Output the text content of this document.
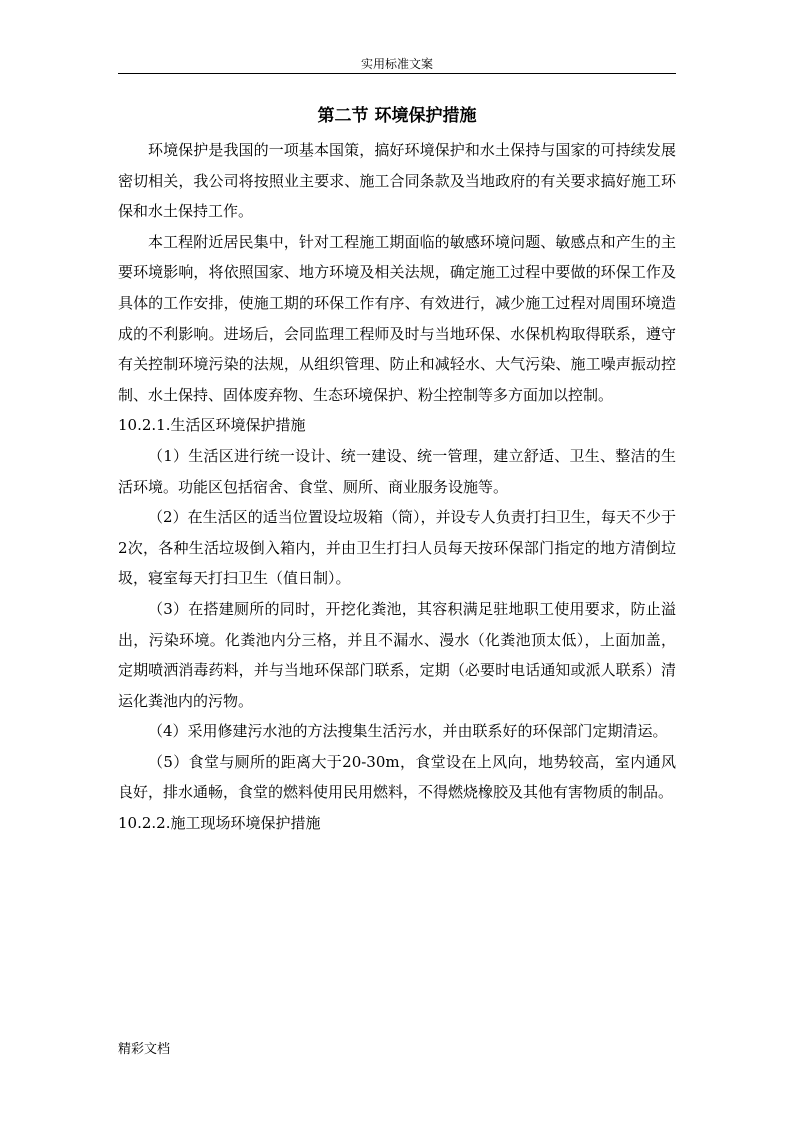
实用标准文案

第二节 环境保护措施

环境保护是我国的一项基本国策，搞好环境保护和水土保持与国家的可持续发展密切相关，我公司将按照业主要求、施工合同条款及当地政府的有关要求搞好施工环保和水土保持工作。

本工程附近居民集中，针对工程施工期面临的敏感环境问题、敏感点和产生的主要环境影响，将依照国家、地方环境及相关法规，确定施工过程中要做的环保工作及具体的工作安排，使施工期的环保工作有序、有效进行，减少施工过程对周围环境造成的不利影响。进场后，会同监理工程师及时与当地环保、水保机构取得联系，遵守有关控制环境污染的法规，从组织管理、防止和减轻水、大气污染、施工噪声振动控制、水土保持、固体废弃物、生态环境保护、粉尘控制等多方面加以控制。

10.2.1.生活区环境保护措施

（1）生活区进行统一设计、统一建设、统一管理，建立舒适、卫生、整洁的生活环境。功能区包括宿舍、食堂、厕所、商业服务设施等。

（2）在生活区的适当位置设垃圾箱（筒），并设专人负责打扫卫生，每天不少于2次，各种生活垃圾倒入箱内，并由卫生打扫人员每天按环保部门指定的地方清倒垃圾，寝室每天打扫卫生（值日制）。

（3）在搭建厕所的同时，开挖化粪池，其容积满足驻地职工使用要求，防止溢出，污染环境。化粪池内分三格，并且不漏水、漫水（化粪池顶太低），上面加盖，定期喷洒消毒药料，并与当地环保部门联系，定期（必要时电话通知或派人联系）清运化粪池内的污物。

（4）采用修建污水池的方法搜集生活污水，并由联系好的环保部门定期清运。

（5）食堂与厕所的距离大于20-30m，食堂设在上风向，地势较高，室内通风良好，排水通畅，食堂的燃料使用民用燃料，不得燃烧橡胶及其他有害物质的制品。

10.2.2.施工现场环境保护措施

精彩文档
